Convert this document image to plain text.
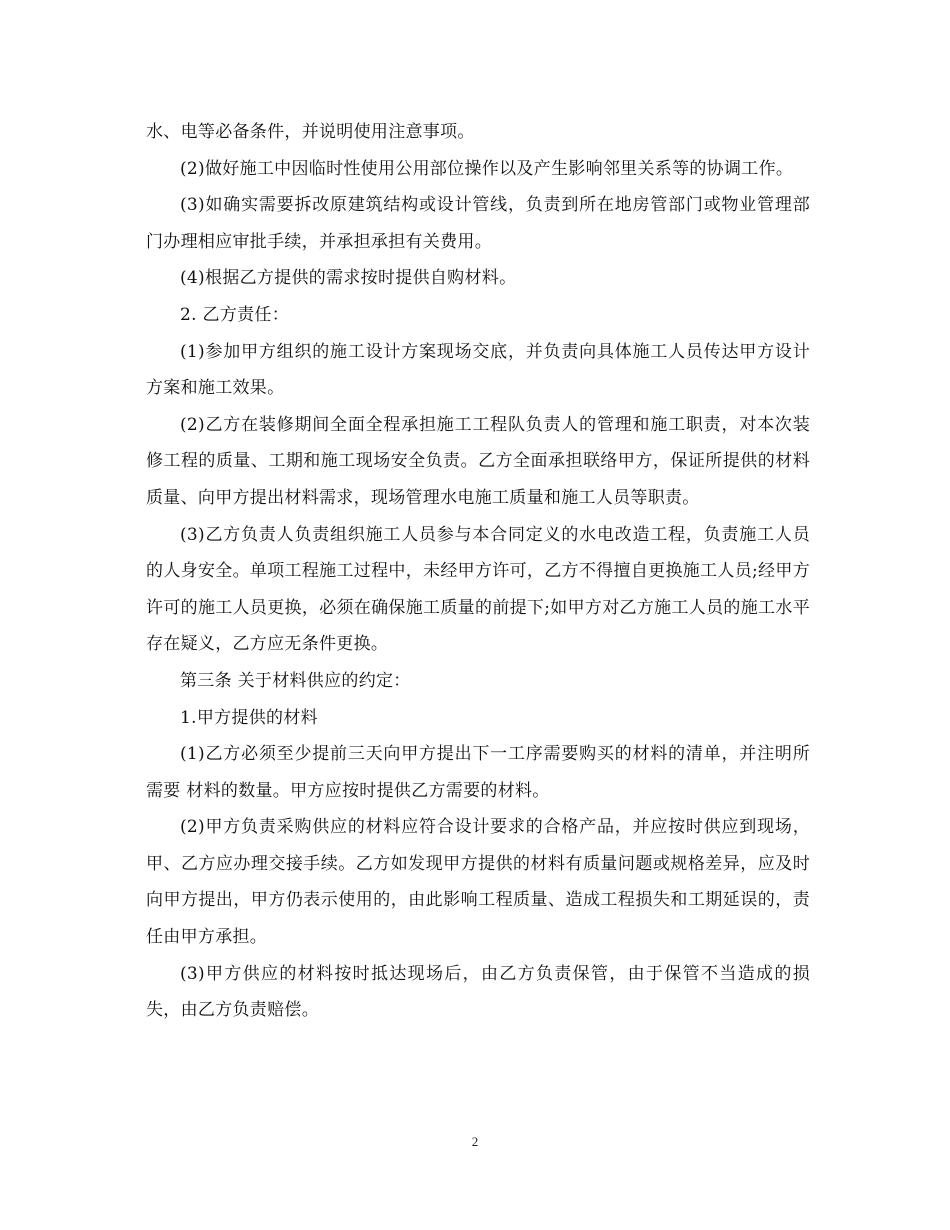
水、电等必备条件，并说明使用注意事项。

(2)做好施工中因临时性使用公用部位操作以及产生影响邻里关系等的协调工作。

(3)如确实需要拆改原建筑结构或设计管线，负责到所在地房管部门或物业管理部门办理相应审批手续，并承担承担有关费用。

(4)根据乙方提供的需求按时提供自购材料。

2. 乙方责任：

(1)参加甲方组织的施工设计方案现场交底，并负责向具体施工人员传达甲方设计方案和施工效果。

(2)乙方在装修期间全面全程承担施工工程队负责人的管理和施工职责，对本次装修工程的质量、工期和施工现场安全负责。乙方全面承担联络甲方，保证所提供的材料质量、向甲方提出材料需求，现场管理水电施工质量和施工人员等职责。

(3)乙方负责人负责组织施工人员参与本合同定义的水电改造工程，负责施工人员的人身安全。单项工程施工过程中，未经甲方许可，乙方不得擅自更换施工人员;经甲方许可的施工人员更换，必须在确保施工质量的前提下;如甲方对乙方施工人员的施工水平存在疑义，乙方应无条件更换。

第三条 关于材料供应的约定：

1.甲方提供的材料

(1)乙方必须至少提前三天向甲方提出下一工序需要购买的材料的清单，并注明所需要 材料的数量。甲方应按时提供乙方需要的材料。

(2)甲方负责采购供应的材料应符合设计要求的合格产品，并应按时供应到现场，甲、乙方应办理交接手续。乙方如发现甲方提供的材料有质量问题或规格差异，应及时向甲方提出，甲方仍表示使用的，由此影响工程质量、造成工程损失和工期延误的，责任由甲方承担。

(3)甲方供应的材料按时抵达现场后，由乙方负责保管，由于保管不当造成的损失，由乙方负责赔偿。

2
